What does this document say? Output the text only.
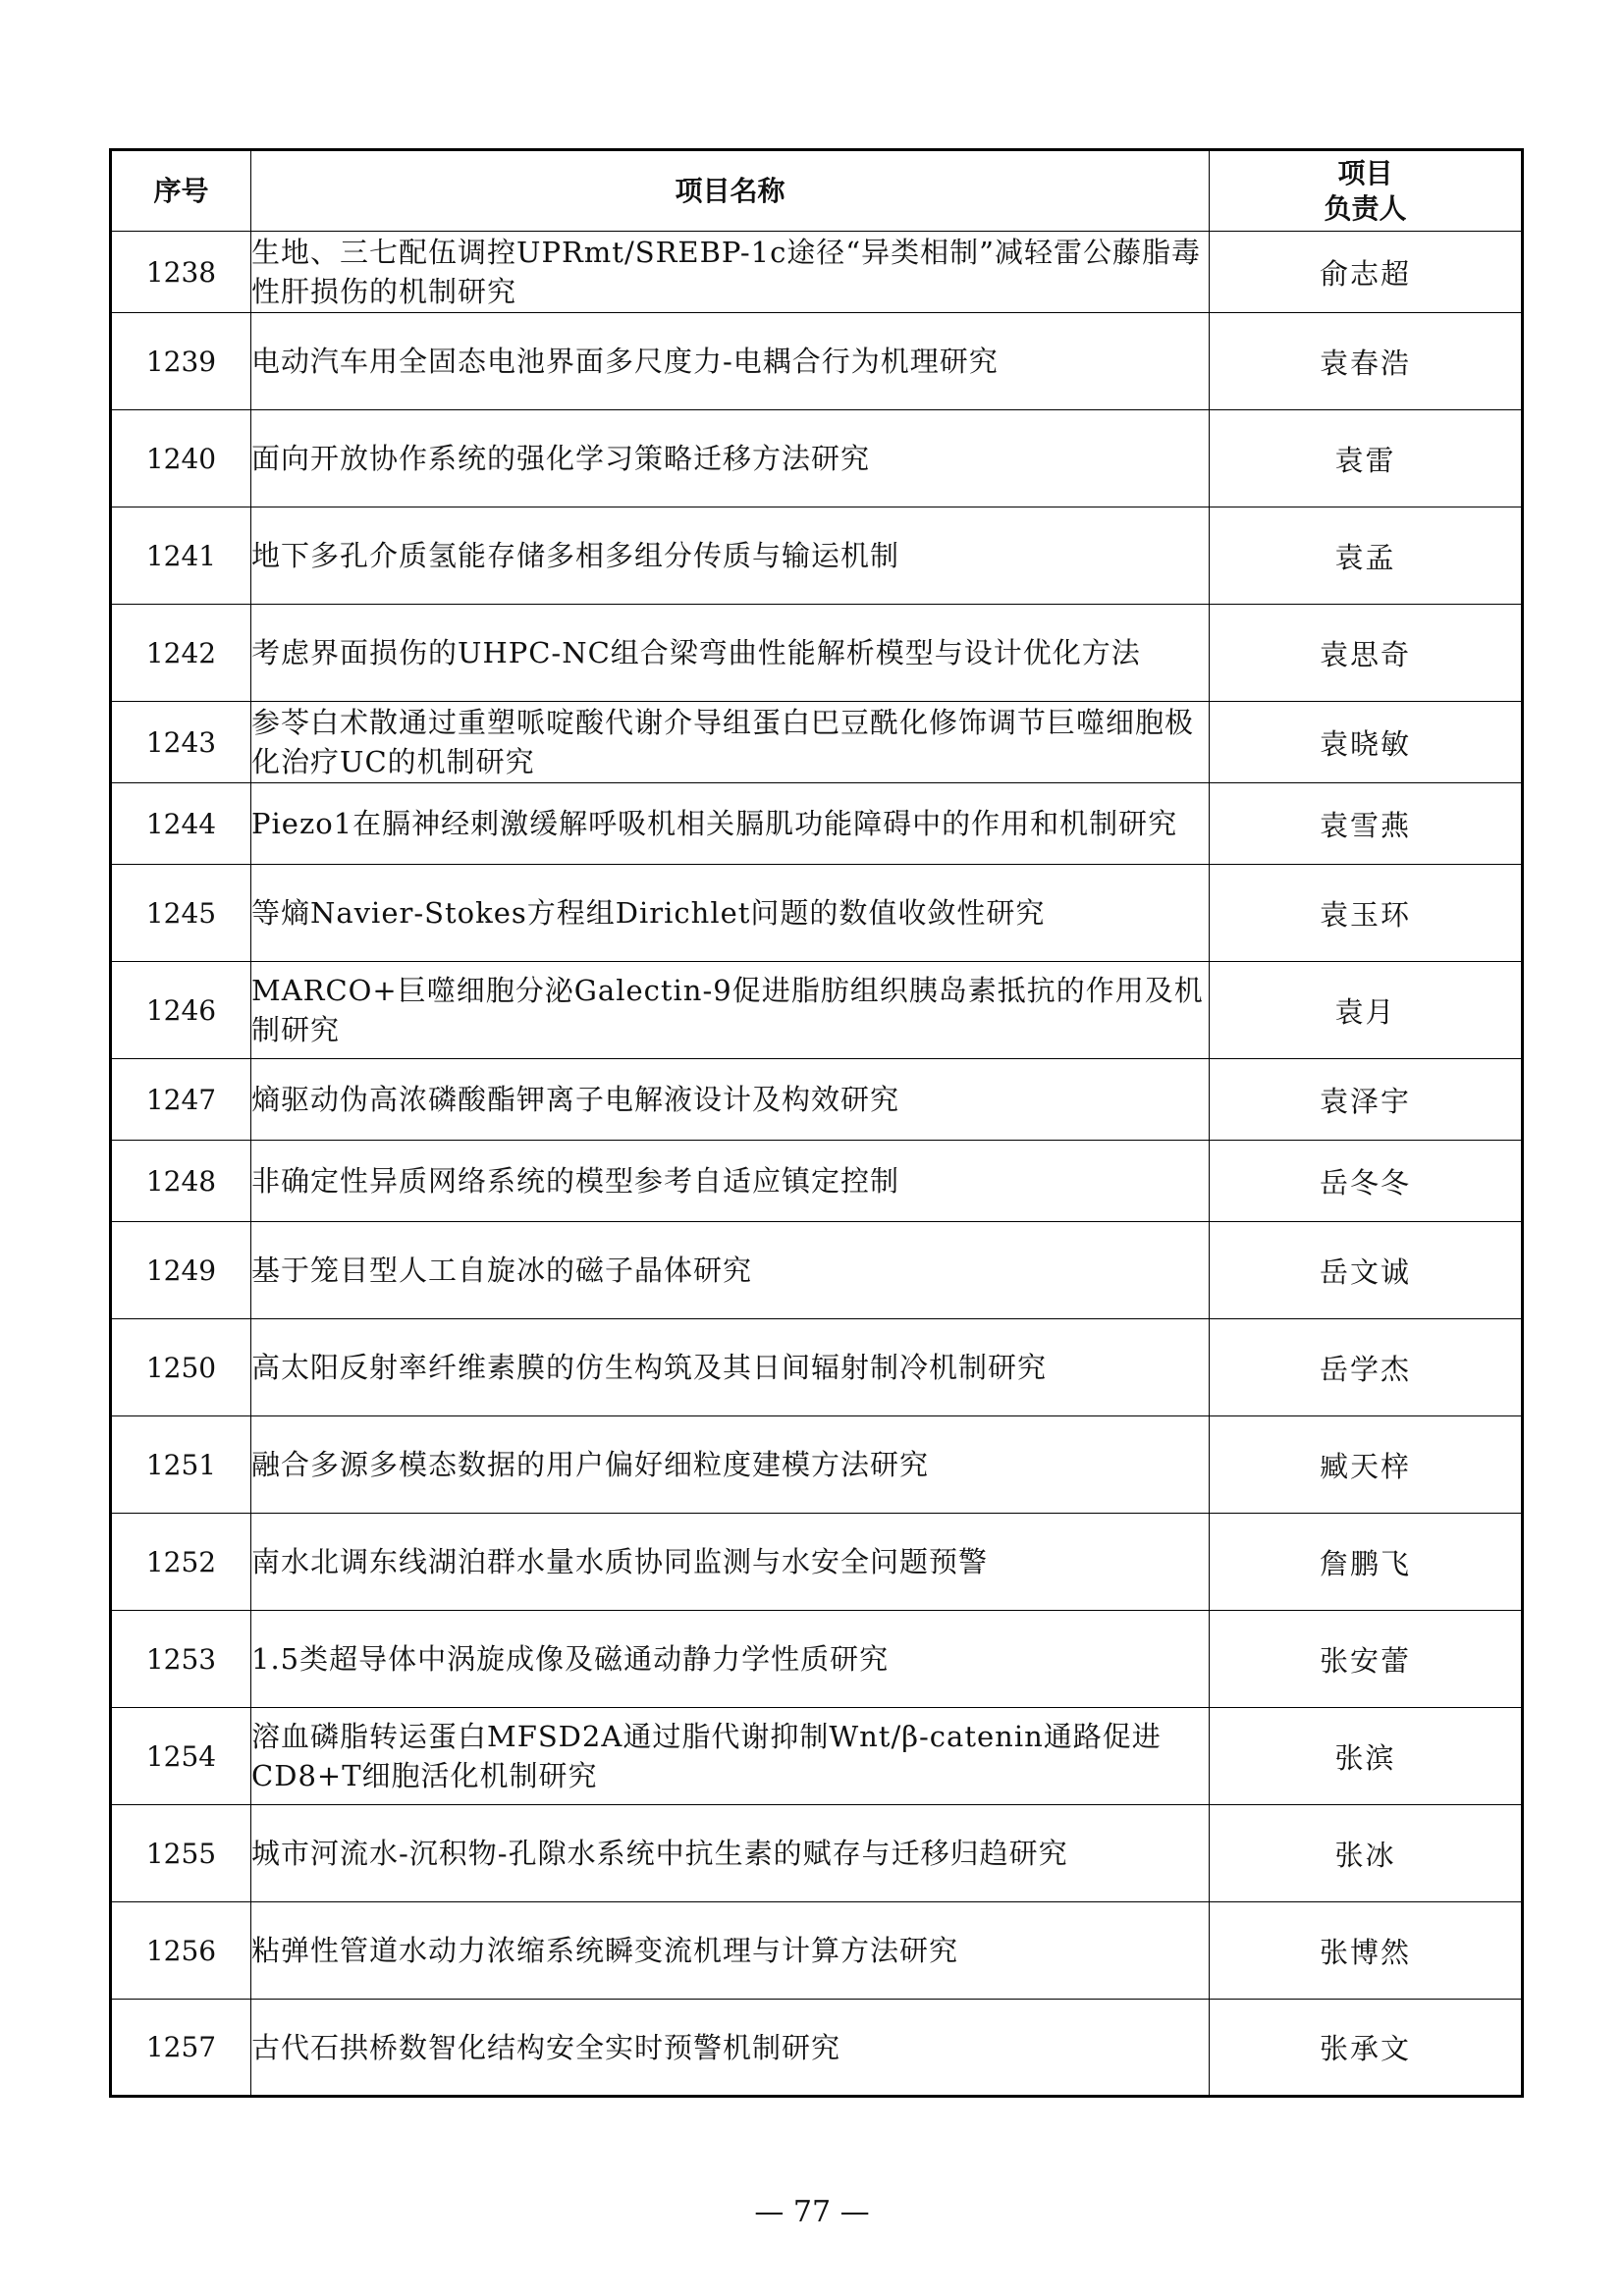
序号	项目名称	项目
负责人

1238	生地、三七配伍调控UPRmt/SREBP-1c途径“异类相制”减轻雷公藤脂毒性肝损伤的机制研究	俞志超
1239	电动汽车用全固态电池界面多尺度力-电耦合行为机理研究	袁春浩
1240	面向开放协作系统的强化学习策略迁移方法研究	袁雷
1241	地下多孔介质氢能存储多相多组分传质与输运机制	袁孟
1242	考虑界面损伤的UHPC-NC组合梁弯曲性能解析模型与设计优化方法	袁思奇
1243	参苓白术散通过重塑哌啶酸代谢介导组蛋白巴豆酰化修饰调节巨噬细胞极化治疗UC的机制研究	袁晓敏
1244	Piezo1在膈神经刺激缓解呼吸机相关膈肌功能障碍中的作用和机制研究	袁雪燕
1245	等熵Navier-Stokes方程组Dirichlet问题的数值收敛性研究	袁玉环
1246	MARCO+巨噬细胞分泌Galectin-9促进脂肪组织胰岛素抵抗的作用及机制研究	袁月
1247	熵驱动伪高浓磷酸酯钾离子电解液设计及构效研究	袁泽宇
1248	非确定性异质网络系统的模型参考自适应镇定控制	岳冬冬
1249	基于笼目型人工自旋冰的磁子晶体研究	岳文诚
1250	高太阳反射率纤维素膜的仿生构筑及其日间辐射制冷机制研究	岳学杰
1251	融合多源多模态数据的用户偏好细粒度建模方法研究	臧天梓
1252	南水北调东线湖泊群水量水质协同监测与水安全问题预警	詹鹏飞
1253	1.5类超导体中涡旋成像及磁通动静力学性质研究	张安蕾
1254	溶血磷脂转运蛋白MFSD2A通过脂代谢抑制Wnt/β-catenin通路促进CD8+T细胞活化机制研究	张滨
1255	城市河流水-沉积物-孔隙水系统中抗生素的赋存与迁移归趋研究	张冰
1256	粘弹性管道水动力浓缩系统瞬变流机理与计算方法研究	张博然
1257	古代石拱桥数智化结构安全实时预警机制研究	张承文
— 77 —
